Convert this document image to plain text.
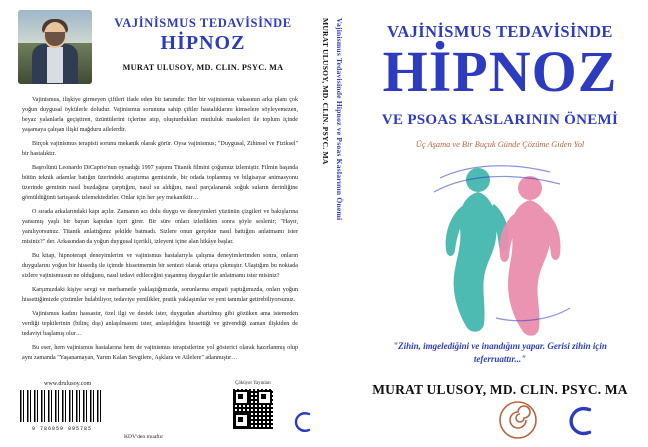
VAJİNİSMUS TEDAVİSİNDE
HİPNOZ
MURAT ULUSOY, MD. CLIN. PSYC. MA

Vajinismus, ilişkiye girmeyen çiftleri ifade eden bir tanımdır. Her bir vajinismus vakasının arka planı çok yoğun duygusal öykülerle doludur. Vajinismus sorununa sahip çiftler hastalıklarını kimselere söyleyemezen, beyaz yalanlarla geçiştiren, üzüntülerini içlerine atıp, oluşturdukları mutluluk maskeleri ile toplum içinde yaşamaya çalışan ilişki mağduru ailelerdir.

Birçok vajinismus terapisti sorunu mekanik olarak görür. Oysa vajinismus; "Duygusal, Zihinsel ve Fiziksel" bir hastalıktır.

Başrolünü Leonardo DiCaprio'nun oynadığı 1997 yapımı Titanik filmini çoğumuz izlemiştir. Filmin başında bütün teknik adamlar batığın üzerindeki araştırma gemisinde, bir odada toplanmış ve bilgisayar animasyonu üzerinde geminin nasıl buzdağına çarptığını, nasıl su aldığını, nasıl parçalanarak soğuk suların derinliğine gömüldüğünü tartışarak izlemektedirler. Onlar için her şey mekaniktir…

O sırada arkalarındaki kapı açılır. Zamanın acı dolu duygu ve deneyimleri yüzünün çizgileri ve bakışlarına yansımış yaşlı bir bayan kapıdan içeri girer. Bir süre onları izledikten sonra şöyle seslenir; "Hayır, yanılıyorsunuz. Titanik anlattığınız şekilde batmadı. Sizlere onun gerçekte nasıl battığını anlatmamı ister misiniz?" der. Arkasından da yoğun duygusal içerikli, izleyeni içine alan hikâye başlar.

Bu kitap, hipnoterapi deneyimlerim ve vajinismus hastalarıyla çalışma deneyimlerimden sonra, onların duygularını yoğun bir hissediş ile içimde hissetmemin bir sentezi olarak ortaya çıkmıştır. Ulaştığım bu noktada sizlere vajinismusun ne olduğunu, nasıl tedavi edileceğini yaşanmış duygular ile anlatmamı ister misiniz?

Karşımızdaki kişiye sevgi ve merhametle yaklaştığımızda, sorunlarına empati yaptığımızda, onları yoğun hissettiğimizde çözümler bulabiliyor, tedaviye yenilikler, pratik yaklaşımlar ve yeni tanımlar getirebiliyorsunuz.

Vajinismus kadını hassastır, özel ilgi ve destek ister, duygudan abartılmış gibi gözüken ama istemeden verdiği tepkilerinin (bilinç dışı) anlaşılmasını ister, anlaşıldığını hissettiği ve güvendiği zaman ilişkiden de tedaviyi başlamış olur…

Bu eser, hem vajinismus hastalarına hem de vajinismus terapistlerine yol gösterici olarak hazırlanmış olup aynı zamanda "Yaşanamayan, Yarım Kalan Sevgilere, Aşklara ve Ailelere" adanmıştır…

www.drulusoy.com
9 786059 095785
KDV'den muaftır
Çöküyor Yayınları
MURAT ULUSOY, MD. CLIN. PSYC. MA Vajinismus Tedavisinde Hipnoz ve Psoas Kaslarının Önemi	VAJİNİSMUS TEDAVİSİNDE
HİPNOZ
VE PSOAS KASLARININ ÖNEMİ
Üç Aşama ve Bir Buçuk Günde Çözüme Giden Yol
"Zihin, imgelediğini ve inandığını yapar. Gerisi zihin için teferruattır..."
MURAT ULUSOY, MD. CLIN. PSYC. MA
